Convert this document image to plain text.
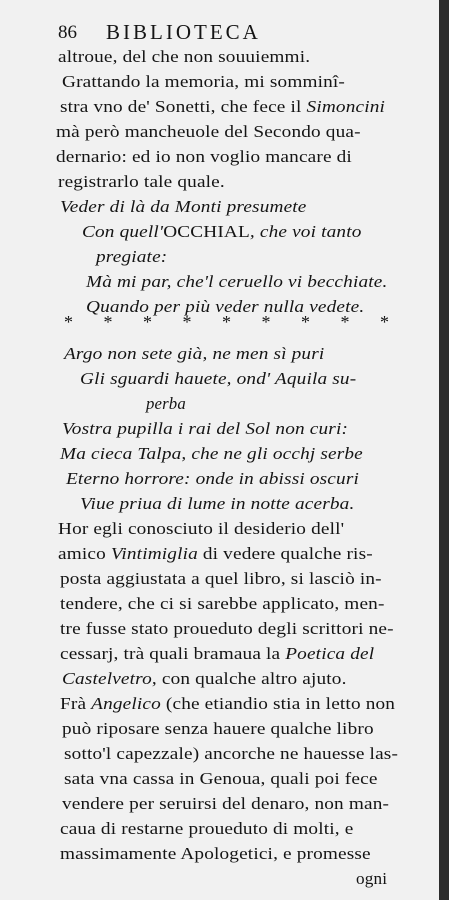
86 BIBLIOTECA
altroue, del che non souuiemmi.
Grattando la memoria, mi somminî-
stra vno de' Sonetti, che fece il Simoncini
mà però mancheuole del Secondo qua-
dernario: ed io non voglio mancare di
registrarlo tale quale.
Veder di là da Monti presumete
Con quell'OCCHIAL, che voi tanto
pregiate:
Mà mi par, che'l ceruello vi becchiate.
Quando per più veder nulla vedete.
Argo non sete già, ne men sì puri
Gli sguardi hauete, ond' Aquila su-
perba
Vostra pupilla i rai del Sol non curi:
Ma cieca Talpa, che ne gli occhj serbe
Eterno horrore: onde in abissi oscuri
Viue priua di lume in notte acerba.
Hor egli conosciuto il desiderio dell'
amico Vintimiglia di vedere qualche ris-
posta aggiustata a quel libro, si lasciò in-
tendere, che ci si sarebbe applicato, men-
tre fusse stato proueduto degli scrittori ne-
cessarj, trà quali bramaua la Poetica del
Castelvetro, con qualche altro ajuto.
Frà Angelico (che etiandio stia in letto non
può riposare senza hauere qualche libro
sotto'l capezzale) ancorche ne hauesse las-
sata vna cassa in Genoua, quali poi fece
vendere per seruirsi del denaro, non man-
caua di restarne proueduto di molti, e
massimamente Apologetici, e promesse
* * * * * * * * *
ogni
